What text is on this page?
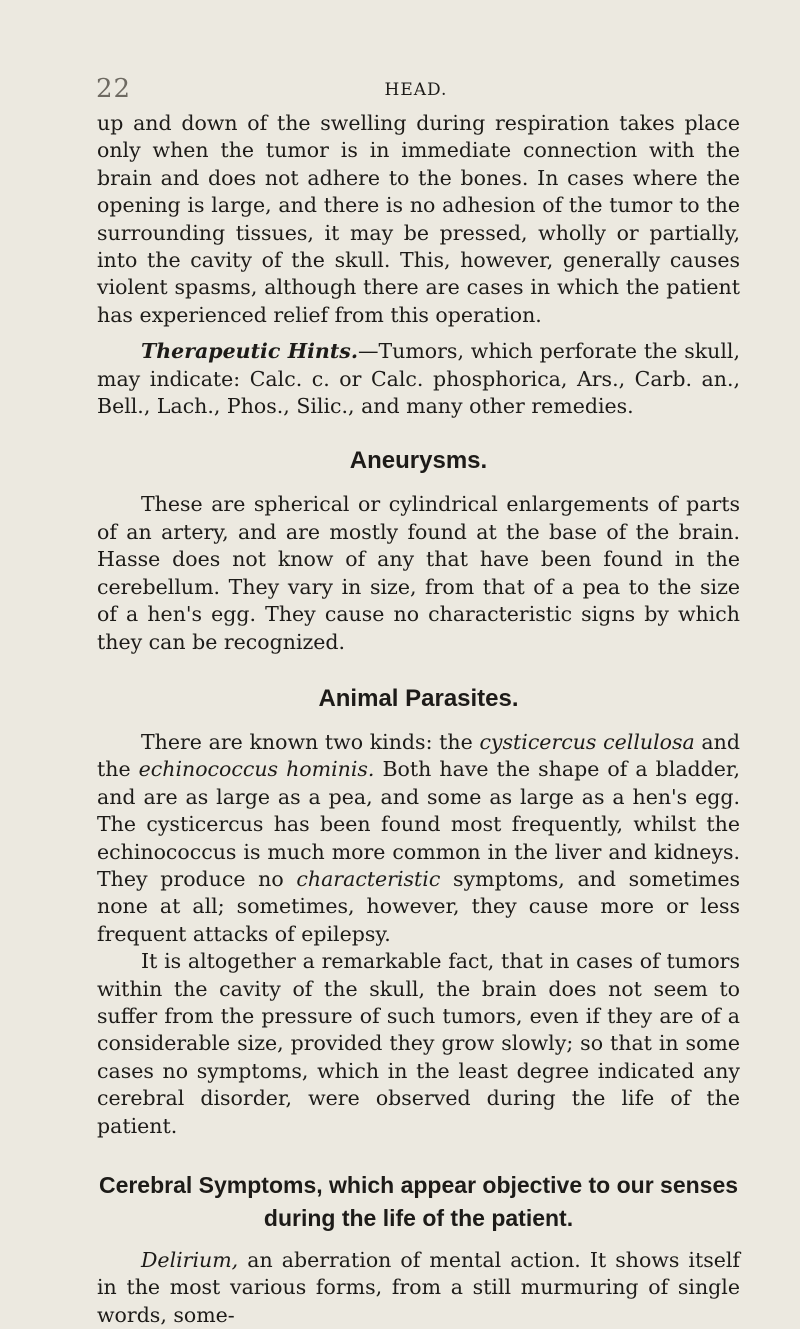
22	HEAD.

up and down of the swelling during respiration takes place only when the tumor is in immediate connection with the brain and does not adhere to the bones. In cases where the opening is large, and there is no adhesion of the tumor to the surrounding tissues, it may be pressed, wholly or partially, into the cavity of the skull. This, however, generally causes violent spasms, although there are cases in which the patient has experienced relief from this operation.

Therapeutic Hints.—Tumors, which perforate the skull, may indicate: Calc. c. or Calc. phosphorica, Ars., Carb. an., Bell., Lach., Phos., Silic., and many other remedies.

Aneurysms.

These are spherical or cylindrical enlargements of parts of an artery, and are mostly found at the base of the brain. Hasse does not know of any that have been found in the cerebellum. They vary in size, from that of a pea to the size of a hen's egg. They cause no characteristic signs by which they can be recognized.

Animal Parasites.

There are known two kinds: the cysticercus cellulosa and the echinococcus hominis. Both have the shape of a bladder, and are as large as a pea, and some as large as a hen's egg. The cysticercus has been found most frequently, whilst the echinococcus is much more common in the liver and kidneys. They produce no characteristic symptoms, and sometimes none at all; sometimes, however, they cause more or less frequent attacks of epilepsy.

It is altogether a remarkable fact, that in cases of tumors within the cavity of the skull, the brain does not seem to suffer from the pressure of such tumors, even if they are of a considerable size, provided they grow slowly; so that in some cases no symptoms, which in the least degree indicated any cerebral disorder, were observed during the life of the patient.

Cerebral Symptoms, which appear objective to our senses during the life of the patient.

Delirium, an aberration of mental action. It shows itself in the most various forms, from a still murmuring of single words, some-
